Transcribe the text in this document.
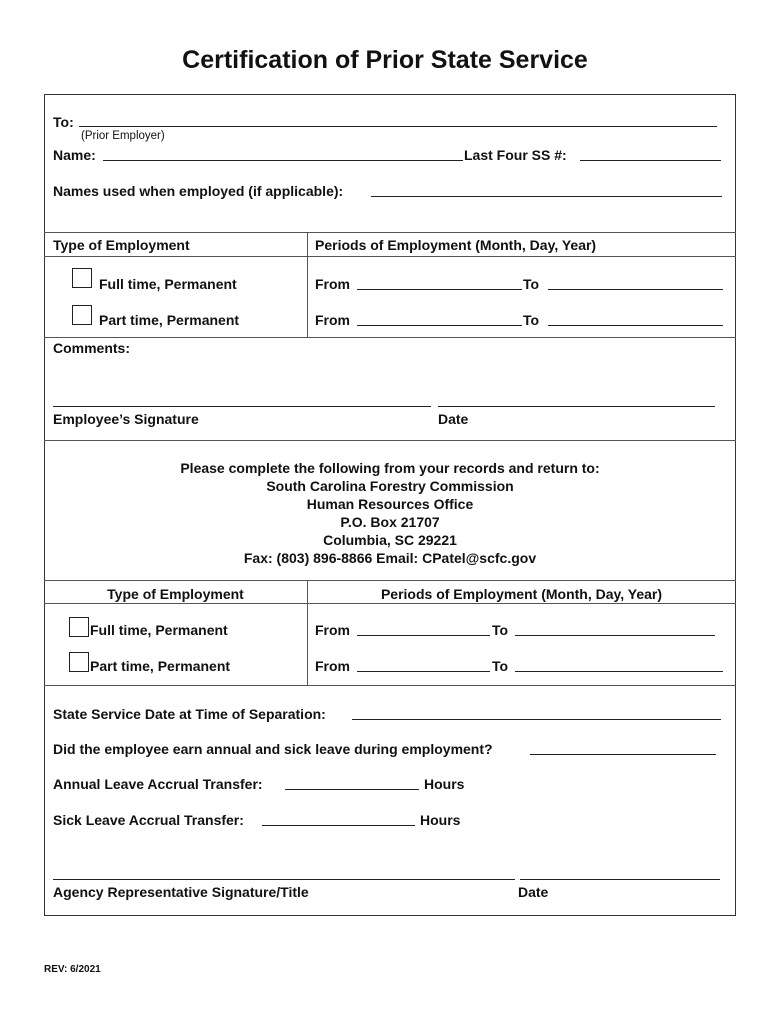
Certification of Prior State Service
To:
(Prior Employer)
Name:	Last Four SS #:
Names used when employed (if applicable):
Type of Employment	Periods of Employment (Month, Day, Year)
Full time, Permanent	From	To
Part time, Permanent	From	To
Comments:
Employee’s Signature	Date
Please complete the following from your records and return to:
South Carolina Forestry Commission
Human Resources Office
P.O. Box 21707
Columbia, SC 29221
Fax: (803) 896-8866 Email: CPatel@scfc.gov
Type of Employment	Periods of Employment (Month, Day, Year)
Full time, Permanent	From	To
Part time, Permanent	From	To
State Service Date at Time of Separation:
Did the employee earn annual and sick leave during employment?
Annual Leave Accrual Transfer:	Hours
Sick Leave Accrual Transfer:	Hours
Agency Representative Signature/Title	Date
REV: 6/2021
